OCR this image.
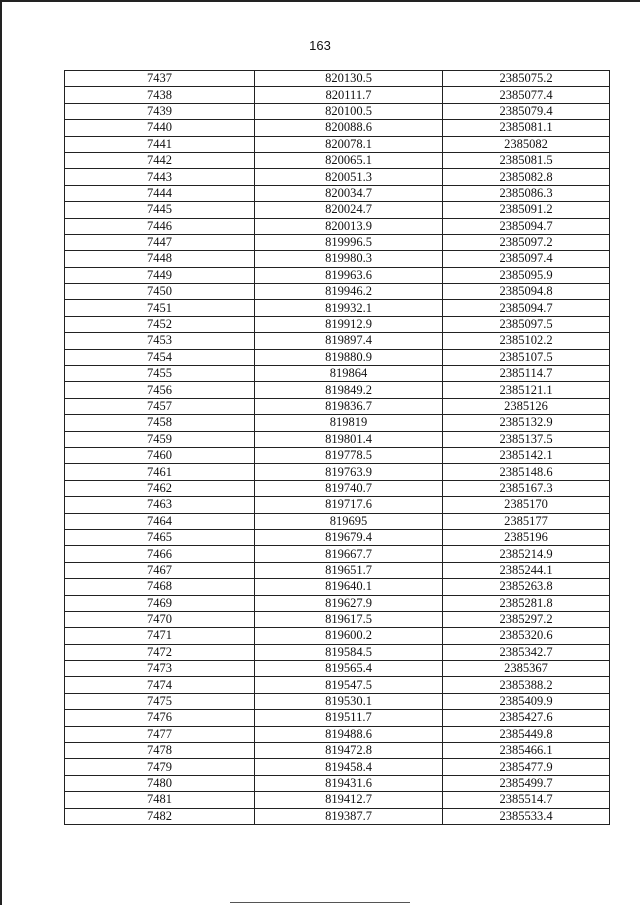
163
7437	820130.5	2385075.2
7438	820111.7	2385077.4
7439	820100.5	2385079.4
7440	820088.6	2385081.1
7441	820078.1	2385082
7442	820065.1	2385081.5
7443	820051.3	2385082.8
7444	820034.7	2385086.3
7445	820024.7	2385091.2
7446	820013.9	2385094.7
7447	819996.5	2385097.2
7448	819980.3	2385097.4
7449	819963.6	2385095.9
7450	819946.2	2385094.8
7451	819932.1	2385094.7
7452	819912.9	2385097.5
7453	819897.4	2385102.2
7454	819880.9	2385107.5
7455	819864	2385114.7
7456	819849.2	2385121.1
7457	819836.7	2385126
7458	819819	2385132.9
7459	819801.4	2385137.5
7460	819778.5	2385142.1
7461	819763.9	2385148.6
7462	819740.7	2385167.3
7463	819717.6	2385170
7464	819695	2385177
7465	819679.4	2385196
7466	819667.7	2385214.9
7467	819651.7	2385244.1
7468	819640.1	2385263.8
7469	819627.9	2385281.8
7470	819617.5	2385297.2
7471	819600.2	2385320.6
7472	819584.5	2385342.7
7473	819565.4	2385367
7474	819547.5	2385388.2
7475	819530.1	2385409.9
7476	819511.7	2385427.6
7477	819488.6	2385449.8
7478	819472.8	2385466.1
7479	819458.4	2385477.9
7480	819431.6	2385499.7
7481	819412.7	2385514.7
7482	819387.7	2385533.4
